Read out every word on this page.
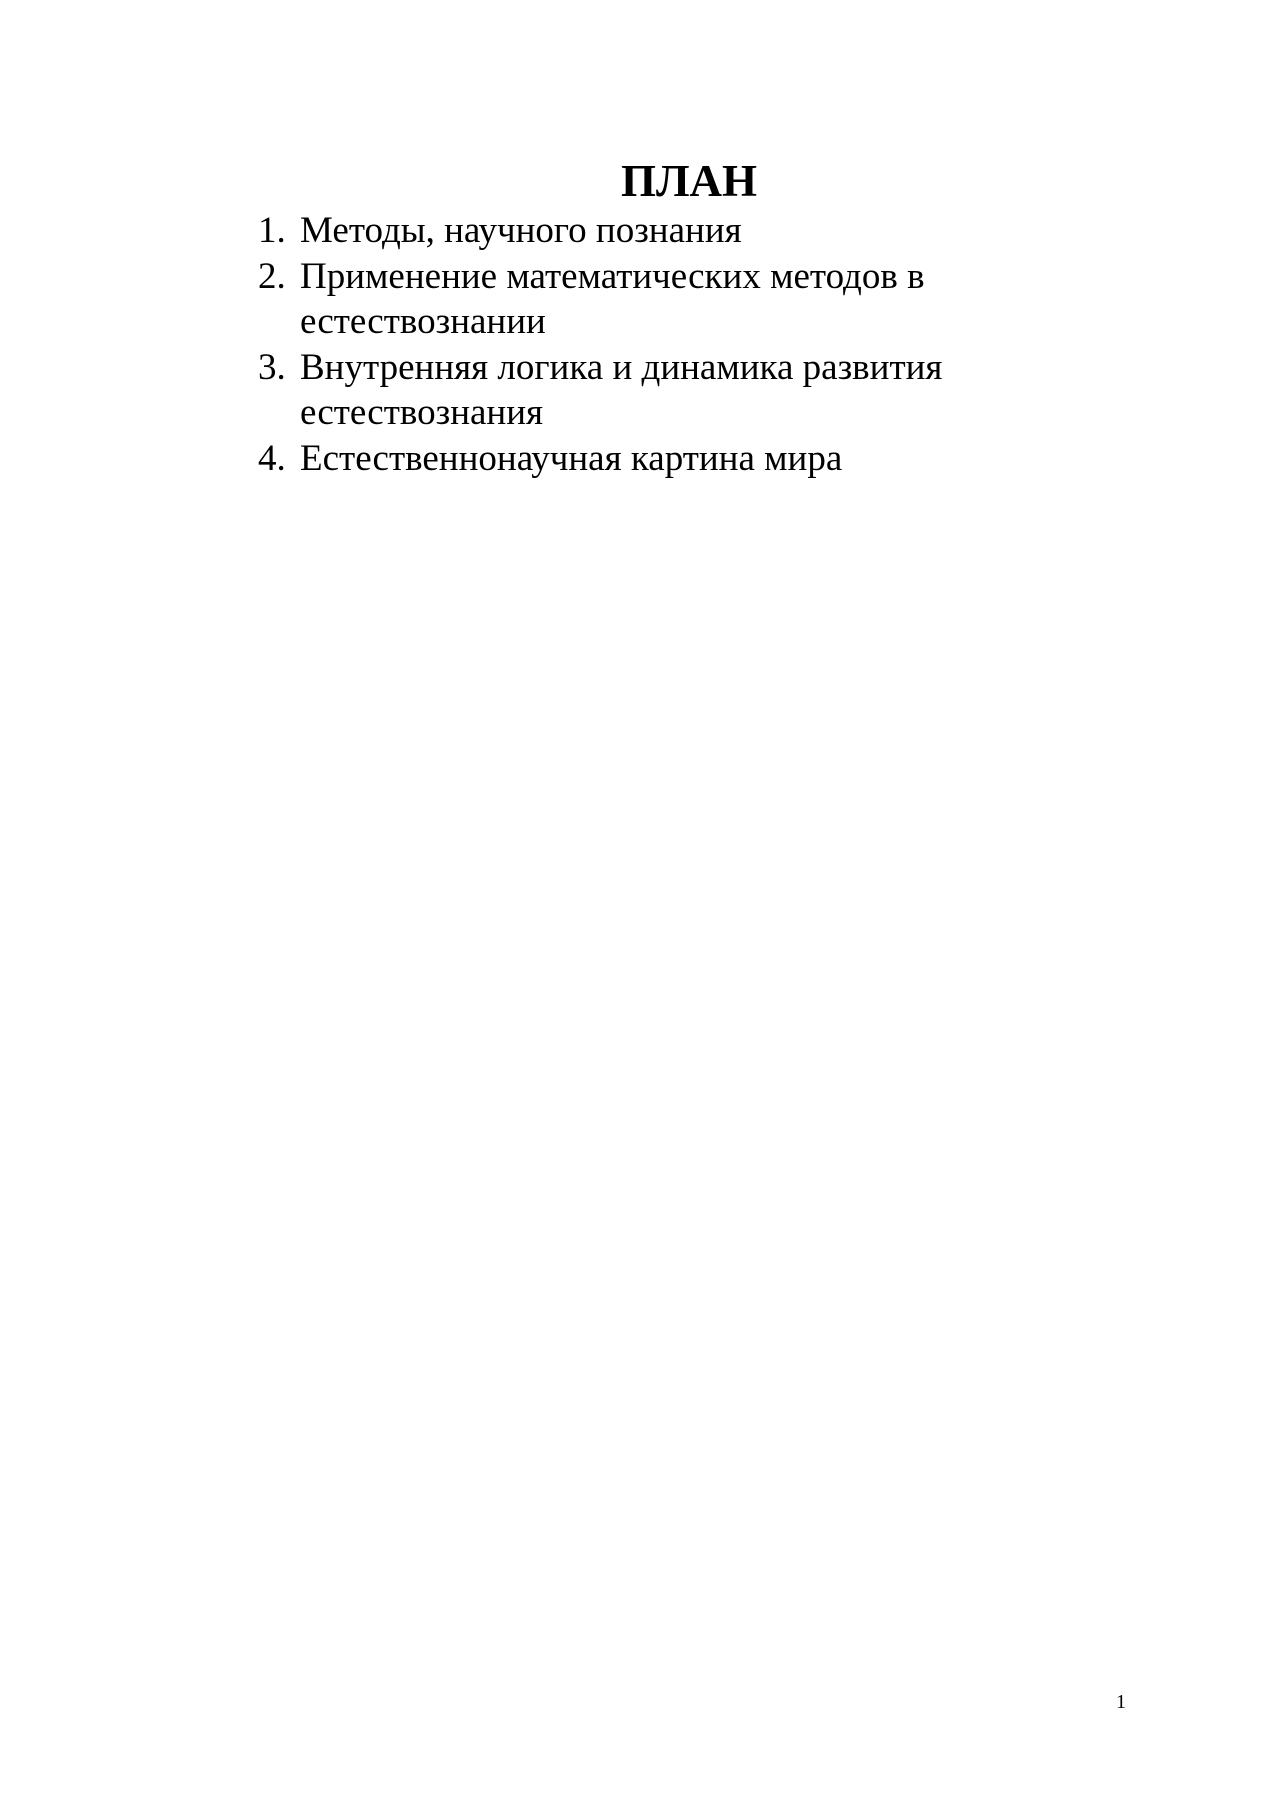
ПЛАН
1. Методы, научного познания
2. Применение математических методов в естествознании
3. Внутренняя логика и динамика развития естествознания
4. Естественнонаучная картина мира
1
